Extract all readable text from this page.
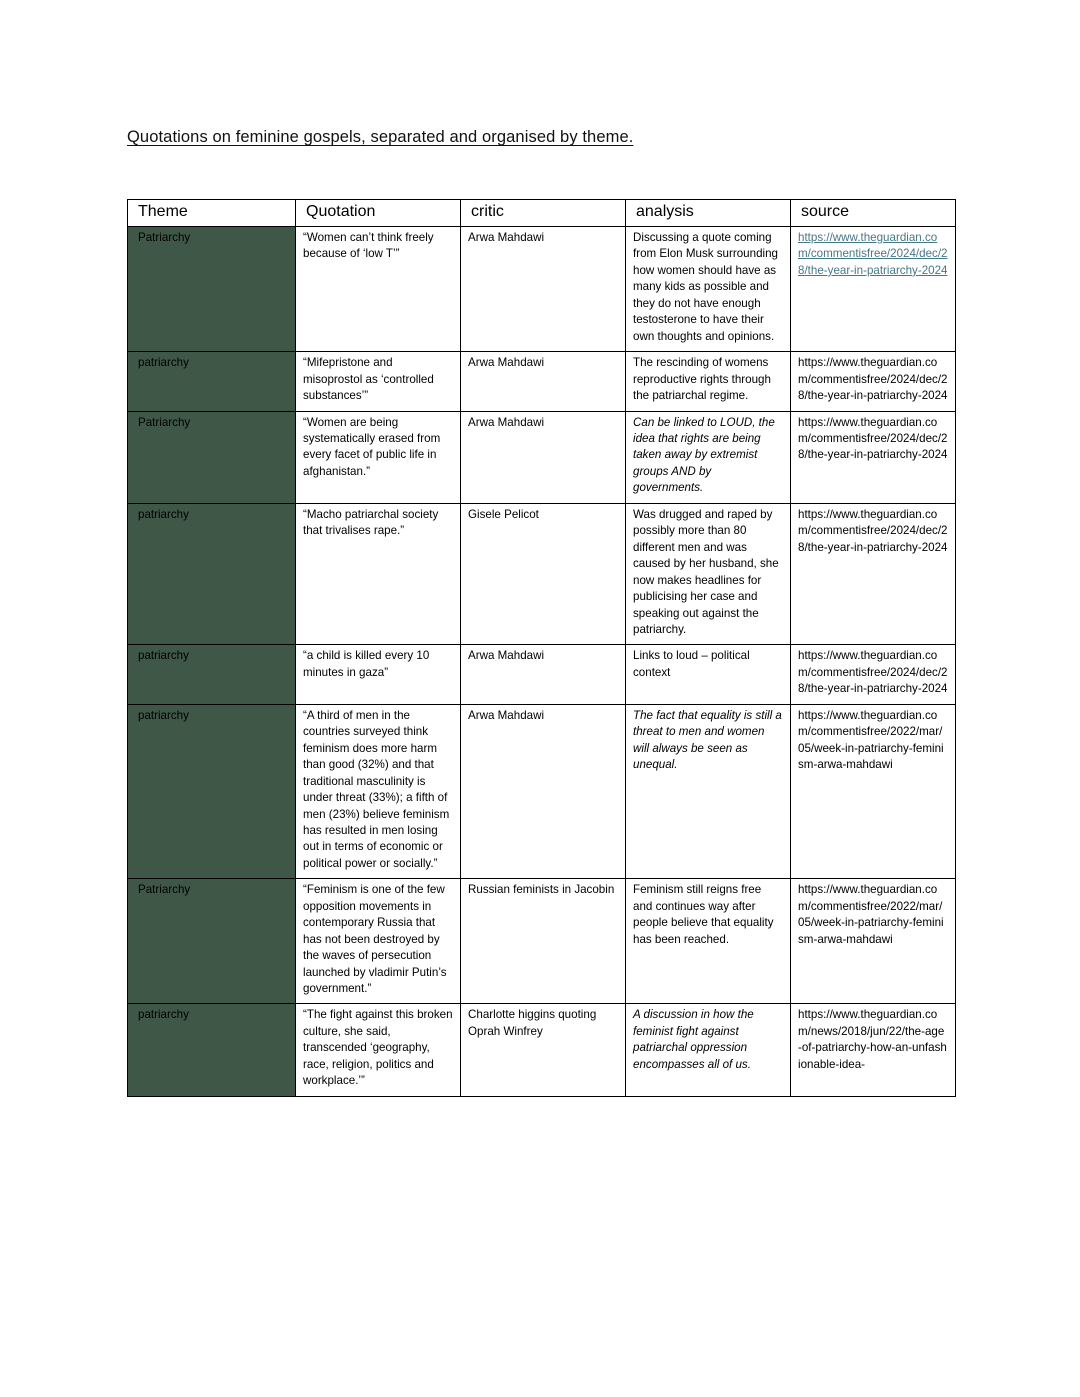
Quotations on feminine gospels, separated and organised by theme.
Theme	Quotation	critic	analysis	source
Patriarchy	“Women can’t think freely because of ‘low T’”	Arwa Mahdawi	Discussing a quote coming from Elon Musk surrounding how women should have as many kids as possible and they do not have enough testosterone to have their own thoughts and opinions.	https://www.theguardian.com/commentisfree/2024/dec/28/the-year-in-patriarchy-2024
patriarchy	“Mifepristone and misoprostol as ‘controlled substances’”	Arwa Mahdawi	The rescinding of womens reproductive rights through the patriarchal regime.	https://www.theguardian.com/commentisfree/2024/dec/28/the-year-in-patriarchy-2024
Patriarchy	“Women are being systematically erased from every facet of public life in afghanistan.”	Arwa Mahdawi	Can be linked to LOUD, the idea that rights are being taken away by extremist groups AND by governments.	https://www.theguardian.com/commentisfree/2024/dec/28/the-year-in-patriarchy-2024
patriarchy	“Macho patriarchal society that trivalises rape.”	Gisele Pelicot	Was drugged and raped by possibly more than 80 different men and was caused by her husband, she now makes headlines for publicising her case and speaking out against the patriarchy.	https://www.theguardian.com/commentisfree/2024/dec/28/the-year-in-patriarchy-2024
patriarchy	“a child is killed every 10 minutes in gaza”	Arwa Mahdawi	Links to loud – political context	https://www.theguardian.com/commentisfree/2024/dec/28/the-year-in-patriarchy-2024
patriarchy	“A third of men in the countries surveyed think feminism does more harm than good (32%) and that traditional masculinity is under threat (33%); a fifth of men (23%) believe feminism has resulted in men losing out in terms of economic or political power or socially.”	Arwa Mahdawi	The fact that equality is still a threat to men and women will always be seen as unequal.	https://www.theguardian.com/commentisfree/2022/mar/05/week-in-patriarchy-feminism-arwa-mahdawi
Patriarchy	“Feminism is one of the few opposition movements in contemporary Russia that has not been destroyed by the waves of persecution launched by vladimir Putin’s government.”	Russian feminists in Jacobin	Feminism still reigns free and continues way after people believe that equality has been reached.	https://www.theguardian.com/commentisfree/2022/mar/05/week-in-patriarchy-feminism-arwa-mahdawi
patriarchy	“The fight against this broken culture, she said, transcended ‘geography, race, religion, politics and workplace.’”	Charlotte higgins quoting Oprah Winfrey	A discussion in how the feminist fight against patriarchal oppression encompasses all of us.	https://www.theguardian.com/news/2018/jun/22/the-age-of-patriarchy-how-an-unfashionable-idea-
